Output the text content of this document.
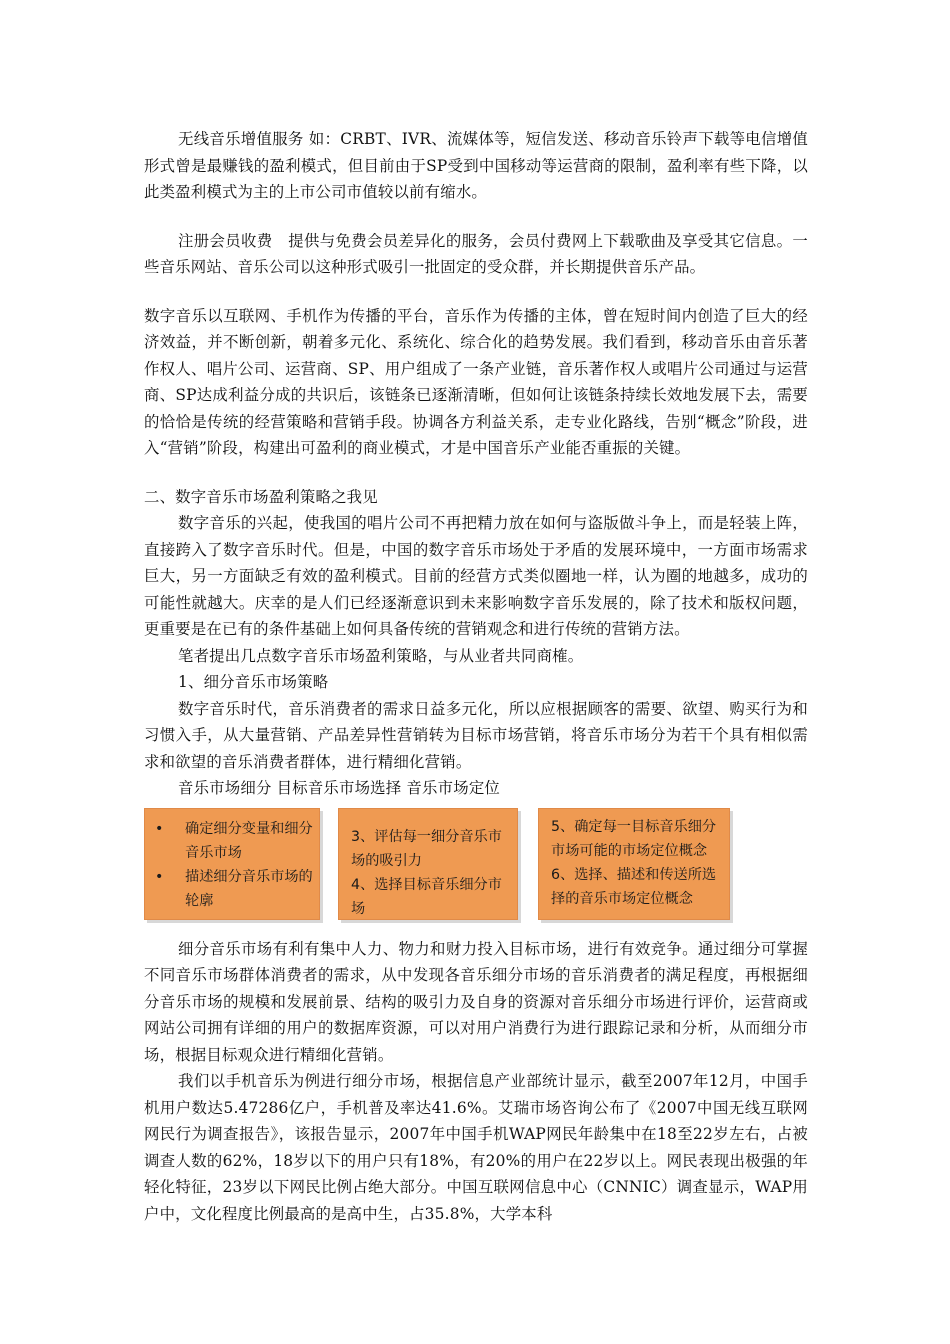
无线音乐增值服务 如：CRBT、IVR、流媒体等，短信发送、移动音乐铃声下载等电信增值形式曾是最赚钱的盈利模式，但目前由于SP受到中国移动等运营商的限制，盈利率有些下降，以此类盈利模式为主的上市公司市值较以前有缩水。

注册会员收费　提供与免费会员差异化的服务，会员付费网上下载歌曲及享受其它信息。一些音乐网站、音乐公司以这种形式吸引一批固定的受众群，并长期提供音乐产品。

数字音乐以互联网、手机作为传播的平台，音乐作为传播的主体，曾在短时间内创造了巨大的经济效益，并不断创新，朝着多元化、系统化、综合化的趋势发展。我们看到，移动音乐由音乐著作权人、唱片公司、运营商、SP、用户组成了一条产业链，音乐著作权人或唱片公司通过与运营商、SP达成利益分成的共识后，该链条已逐渐清晰，但如何让该链条持续长效地发展下去，需要的恰恰是传统的经营策略和营销手段。协调各方利益关系，走专业化路线，告别“概念”阶段，进入“营销”阶段，构建出可盈利的商业模式，才是中国音乐产业能否重振的关键。

二、数字音乐市场盈利策略之我见

数字音乐的兴起，使我国的唱片公司不再把精力放在如何与盗版做斗争上，而是轻装上阵，直接跨入了数字音乐时代。但是，中国的数字音乐市场处于矛盾的发展环境中，一方面市场需求巨大，另一方面缺乏有效的盈利模式。目前的经营方式类似圈地一样，认为圈的地越多，成功的可能性就越大。庆幸的是人们已经逐渐意识到未来影响数字音乐发展的，除了技术和版权问题，更重要是在已有的条件基础上如何具备传统的营销观念和进行传统的营销方法。

笔者提出几点数字音乐市场盈利策略，与从业者共同商榷。

1、细分音乐市场策略

数字音乐时代，音乐消费者的需求日益多元化，所以应根据顾客的需要、欲望、购买行为和习惯入手，从大量营销、产品差异性营销转为目标市场营销，将音乐市场分为若干个具有相似需求和欲望的音乐消费者群体，进行精细化营销。

音乐市场细分 目标音乐市场选择 音乐市场定位

•	确定细分变量和细分音乐市场
•	描述细分音乐市场的轮廓
3、评估每一细分音乐市场的吸引力
4、选择目标音乐细分市场
5、确定每一目标音乐细分市场可能的市场定位概念
6、选择、描述和传送所选择的音乐市场定位概念

细分音乐市场有利有集中人力、物力和财力投入目标市场，进行有效竞争。通过细分可掌握不同音乐市场群体消费者的需求，从中发现各音乐细分市场的音乐消费者的满足程度，再根据细分音乐市场的规模和发展前景、结构的吸引力及自身的资源对音乐细分市场进行评价，运营商或网站公司拥有详细的用户的数据库资源，可以对用户消费行为进行跟踪记录和分析，从而细分市场，根据目标观众进行精细化营销。

我们以手机音乐为例进行细分市场，根据信息产业部统计显示，截至2007年12月，中国手机用户数达5.47286亿户，手机普及率达41.6%。艾瑞市场咨询公布了《2007中国无线互联网网民行为调查报告》，该报告显示，2007年中国手机WAP网民年龄集中在18至22岁左右，占被调查人数的62%，18岁以下的用户只有18%，有20%的用户在22岁以上。网民表现出极强的年轻化特征，23岁以下网民比例占绝大部分。中国互联网信息中心（CNNIC）调查显示，WAP用户中，文化程度比例最高的是高中生，占35.8%，大学本科
